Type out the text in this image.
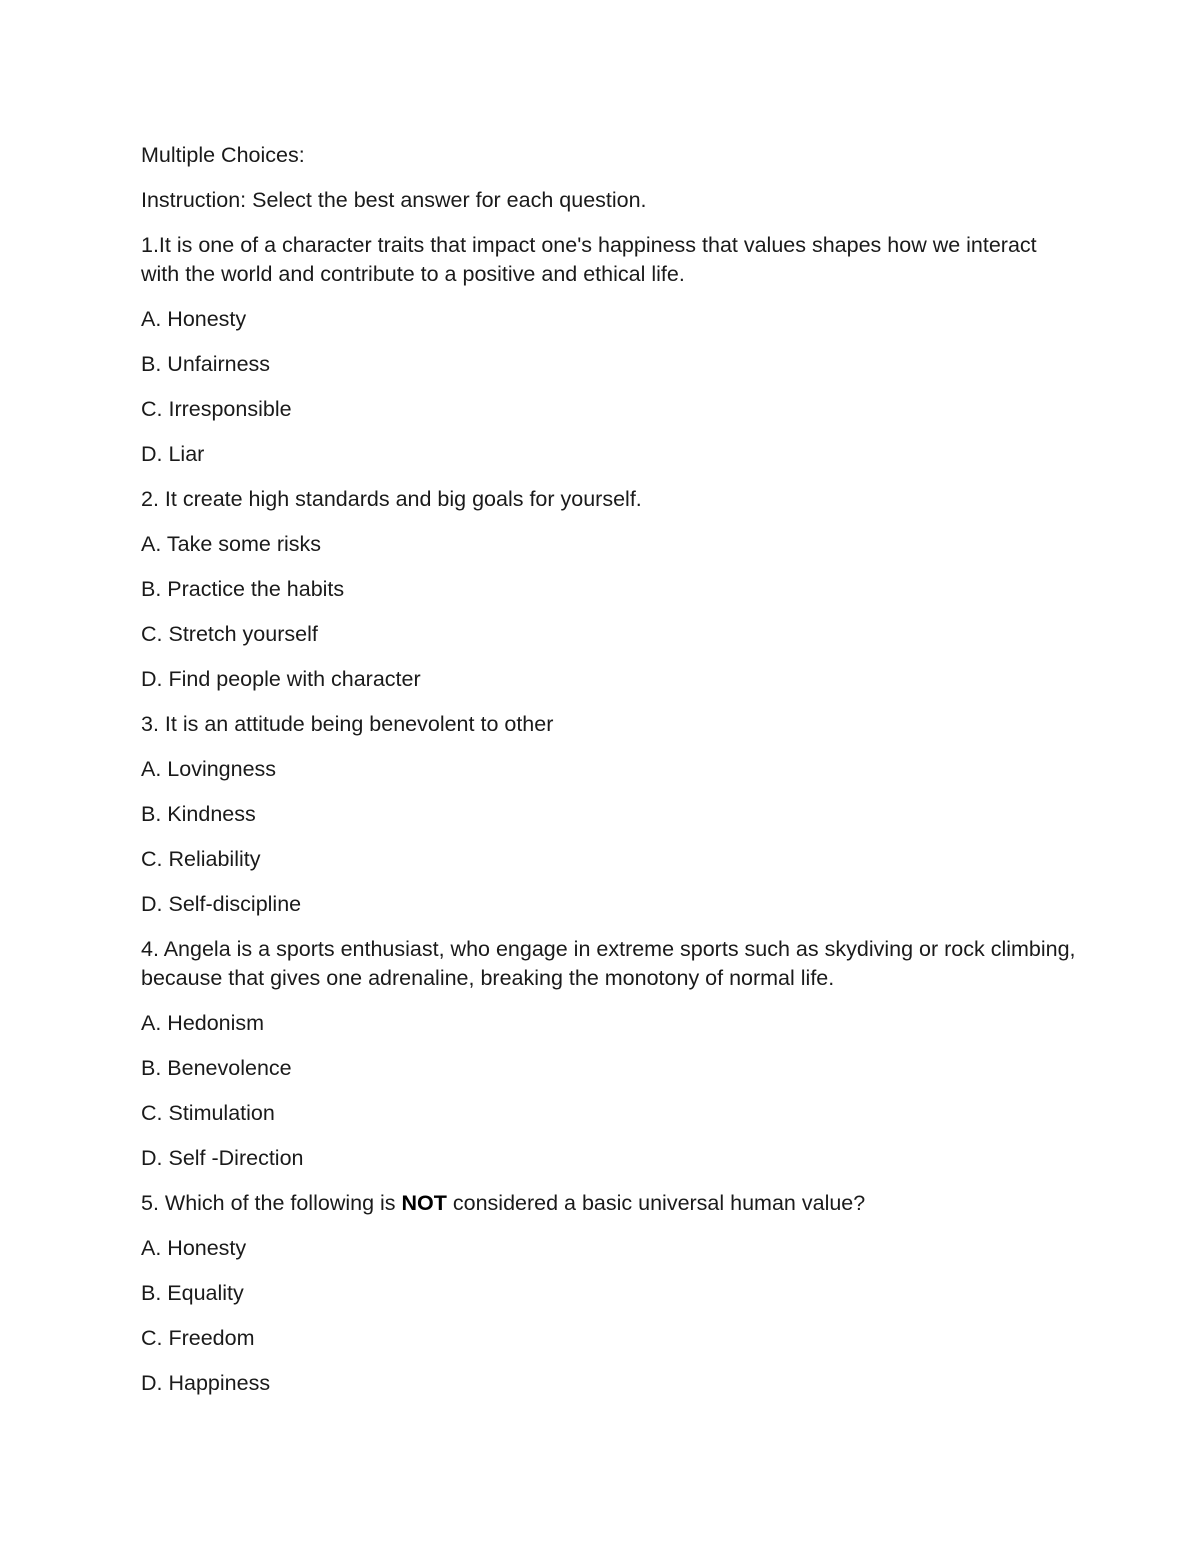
Multiple Choices:

Instruction: Select the best answer for each question.

1.It is one of a character traits that impact one's happiness that values shapes how we interact with the world and contribute to a positive and ethical life.

A. Honesty

B. Unfairness

C. Irresponsible

D. Liar

2. It create high standards and big goals for yourself.

A. Take some risks

B. Practice the habits

C. Stretch yourself

D. Find people with character

3. It is an attitude being benevolent to other

A. Lovingness

B. Kindness

C. Reliability

D. Self-discipline

4. Angela is a sports enthusiast, who engage in extreme sports such as skydiving or rock climbing, because that gives one adrenaline, breaking the monotony of normal life.

A. Hedonism

B. Benevolence

C. Stimulation

D. Self -Direction

5. Which of the following is NOT considered a basic universal human value?

A. Honesty

B. Equality

C. Freedom

D. Happiness
